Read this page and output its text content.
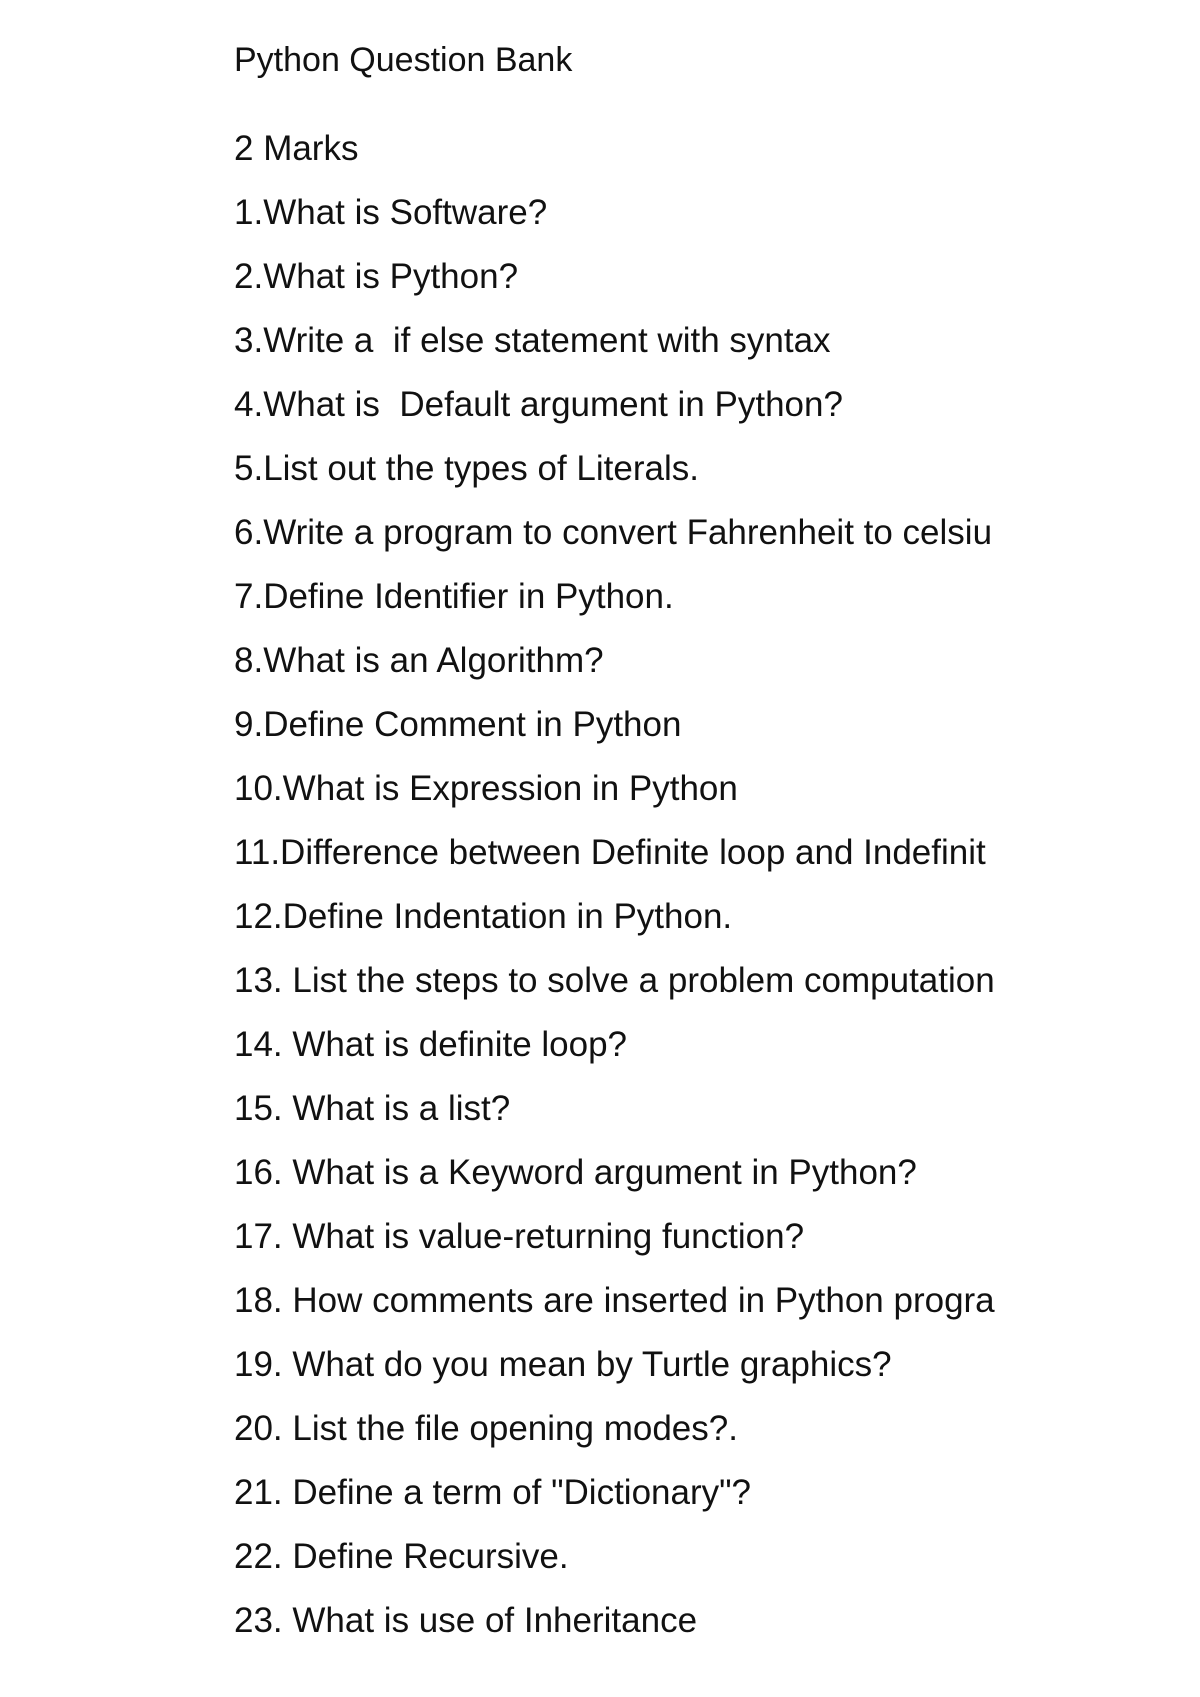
Python Question Bank
2 Marks
1.What is Software?
2.What is Python?
3.Write a  if else statement with syntax
4.What is  Default argument in Python?
5.List out the types of Literals.
6.Write a program to convert Fahrenheit to celsiu
7.Define Identifier in Python.
8.What is an Algorithm?
9.Define Comment in Python
10.What is Expression in Python
11.Difference between Definite loop and Indefinit
12.Define Indentation in Python.
13. List the steps to solve a problem computation
14. What is definite loop?
15. What is a list?
16. What is a Keyword argument in Python?
17. What is value-returning function?
18. How comments are inserted in Python progra
19. What do you mean by Turtle graphics?
20. List the file opening modes?.
21. Define a term of "Dictionary"?
22. Define Recursive.
23. What is use of Inheritance
